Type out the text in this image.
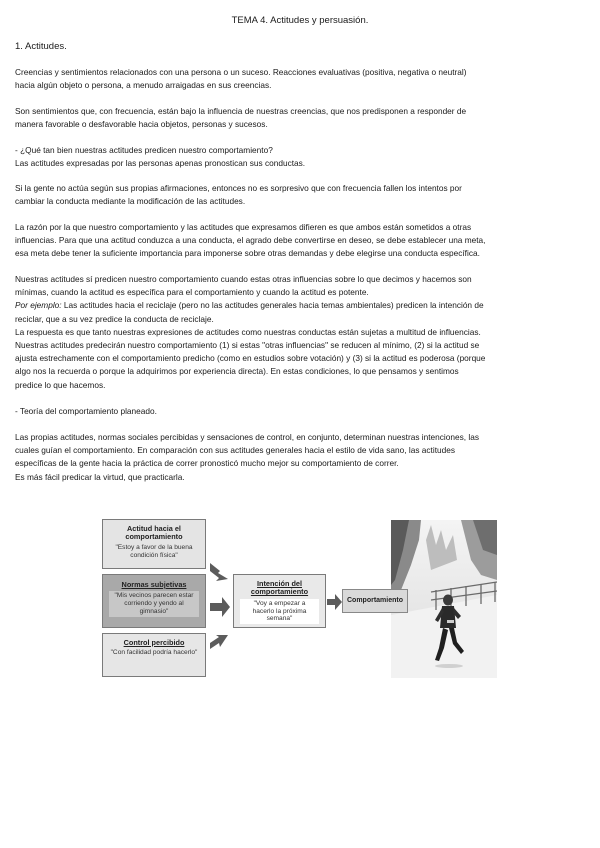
TEMA 4. Actitudes y persuasión.
1. Actitudes.

Creencias y sentimientos relacionados con una persona o un suceso. Reacciones evaluativas (positiva, negativa o neutral)
hacia algún objeto o persona, a menudo arraigadas en sus creencias.

Son sentimientos que, con frecuencia, están bajo la influencia de nuestras creencias, que nos predisponen a responder de
manera favorable o desfavorable hacia objetos, personas y sucesos.

- ¿Qué tan bien nuestras actitudes predicen nuestro comportamiento?
Las actitudes expresadas por las personas apenas pronostican sus conductas.

Si la gente no actúa según sus propias afirmaciones, entonces no es sorpresivo que con frecuencia fallen los intentos por
cambiar la conducta mediante la modificación de las actitudes.

La razón por la que nuestro comportamiento y las actitudes que expresamos difieren es que ambos están sometidos a otras
influencias. Para que una actitud conduzca a una conducta, el agrado debe convertirse en deseo, se debe establecer una meta,
esa meta debe tener la suficiente importancia para imponerse sobre otras demandas y debe elegirse una conducta específica.

Nuestras actitudes sí predicen nuestro comportamiento cuando estas otras influencias sobre lo que decimos y hacemos son
mínimas, cuando la actitud es específica para el comportamiento y cuando la actitud es potente.
Por ejemplo: Las actitudes hacia el reciclaje (pero no las actitudes generales hacia temas ambientales) predicen la intención de
reciclar, que a su vez predice la conducta de reciclaje.
La respuesta es que tanto nuestras expresiones de actitudes como nuestras conductas están sujetas a multitud de influencias.
Nuestras actitudes predecirán nuestro comportamiento (1) si estas "otras influencias" se reducen al mínimo, (2) si la actitud se
ajusta estrechamente con el comportamiento predicho (como en estudios sobre votación) y (3) si la actitud es poderosa (porque
algo nos la recuerda o porque la adquirimos por experiencia directa). En estas condiciones, lo que pensamos y sentimos
predice lo que hacemos.

- Teoría del comportamiento planeado.

Las propias actitudes, normas sociales percibidas y sensaciones de control, en conjunto, determinan nuestras intenciones, las
cuales guían el comportamiento. En comparación con sus actitudes generales hacia el estilo de vida sano, las actitudes
específicas de la gente hacia la práctica de correr pronosticó mucho mejor su comportamiento de correr.
Es más fácil predicar la virtud, que practicarla.

Actitud hacia el comportamiento
"Estoy a favor de la buena condición física"
Normas subjetivas
"Mis vecinos parecen estar corriendo y yendo al gimnasio"
Control percibido
"Con facilidad podría hacerlo"
Intención del comportamiento
"Voy a empezar a hacerlo la próxima semana"
Comportamiento
